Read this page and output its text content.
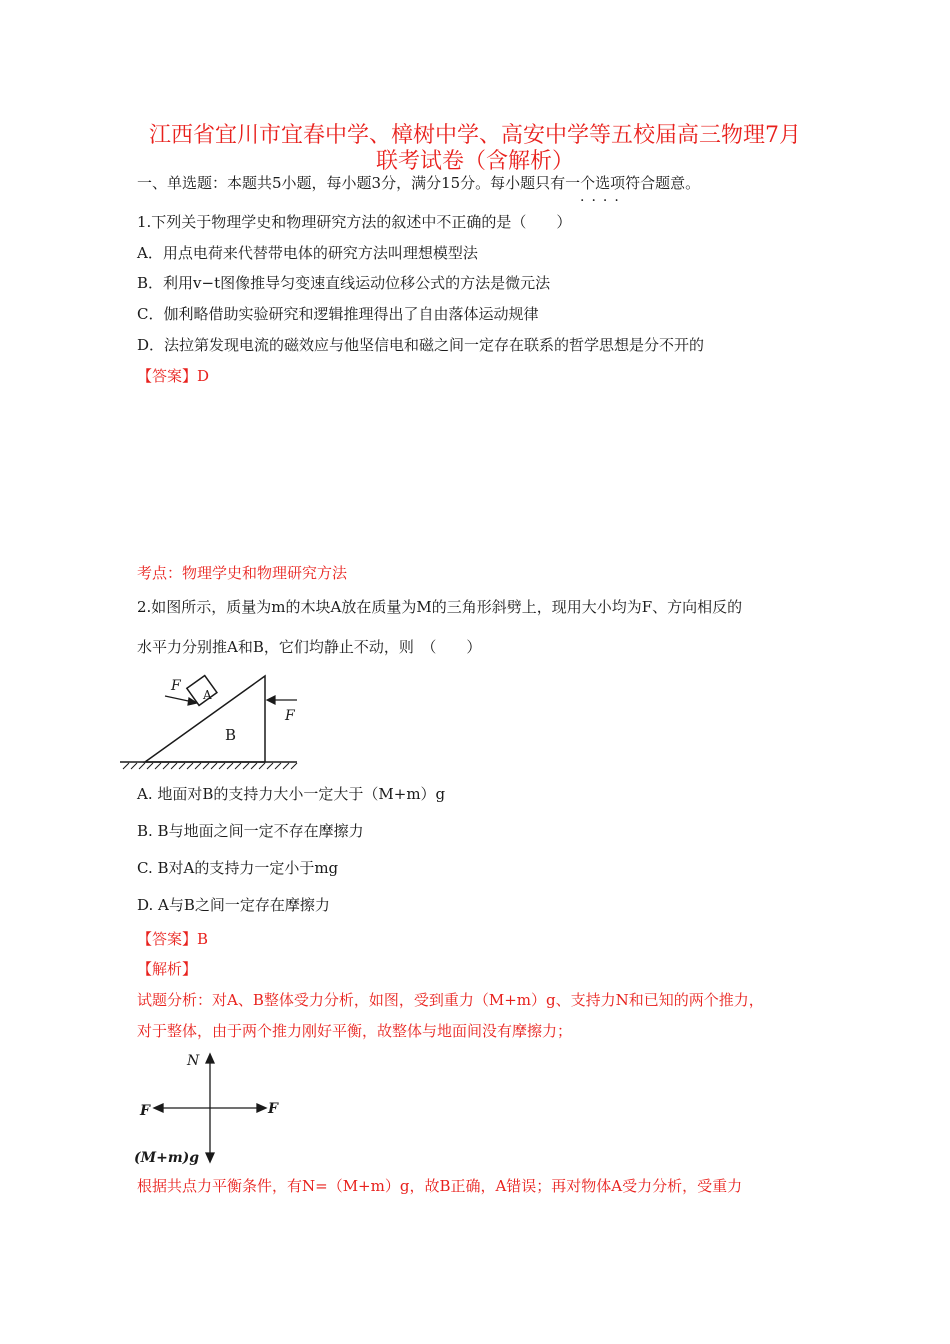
江西省宜川市宜春中学、樟树中学、高安中学等五校届高三物理7月
联考试卷（含解析）
一、单选题：本题共5小题，每小题3分，满分15分。每小题只有一个选项符合题意。
····
1.下列关于物理学史和物理研究方法的叙述中不正确的是（　　）
A．用点电荷来代替带电体的研究方法叫理想模型法
B．利用v−t图像推导匀变速直线运动位移公式的方法是微元法
C．伽利略借助实验研究和逻辑推理得出了自由落体运动规律
D．法拉第发现电流的磁效应与他坚信电和磁之间一定存在联系的哲学思想是分不开的
【答案】D
考点：物理学史和物理研究方法
2.如图所示，质量为m的木块A放在质量为M的三角形斜劈上，现用大小均为F、方向相反的
水平力分别推A和B，它们均静止不动，则　（　　）
F
A
F
B
A. 地面对B的支持力大小一定大于（M+m）g
B. B与地面之间一定不存在摩擦力
C. B对A的支持力一定小于mg
D. A与B之间一定存在摩擦力
【答案】B
【解析】
试题分析：对A、B整体受力分析，如图，受到重力（M+m）g、支持力N和已知的两个推力，
对于整体，由于两个推力刚好平衡，故整体与地面间没有摩擦力；
N
F	F
(M+m)g
根据共点力平衡条件，有N=（M+m）g，故B正确，A错误；再对物体A受力分析，受重力
